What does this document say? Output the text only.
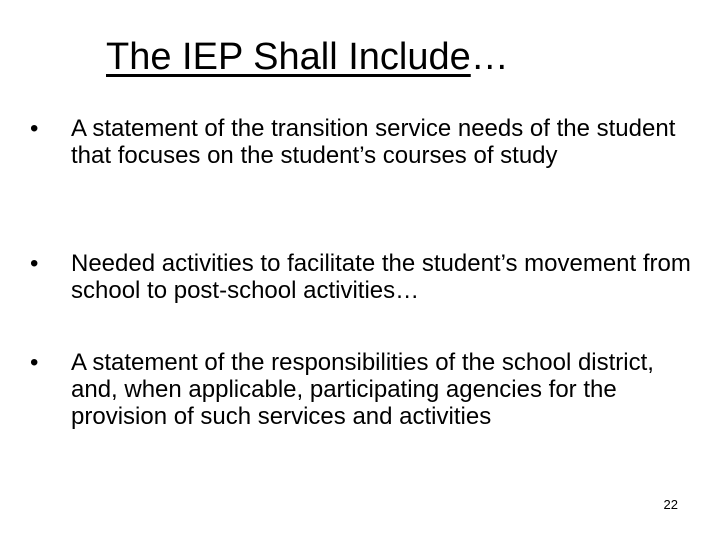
The IEP Shall Include…
•	A statement of the transition service needs of the student that focuses on the student’s courses of study
•	Needed activities to facilitate the student’s movement from school to post-school activities…
•	A statement of the responsibilities of the school district, and, when applicable, participating agencies for the provision of such services and activities
22
